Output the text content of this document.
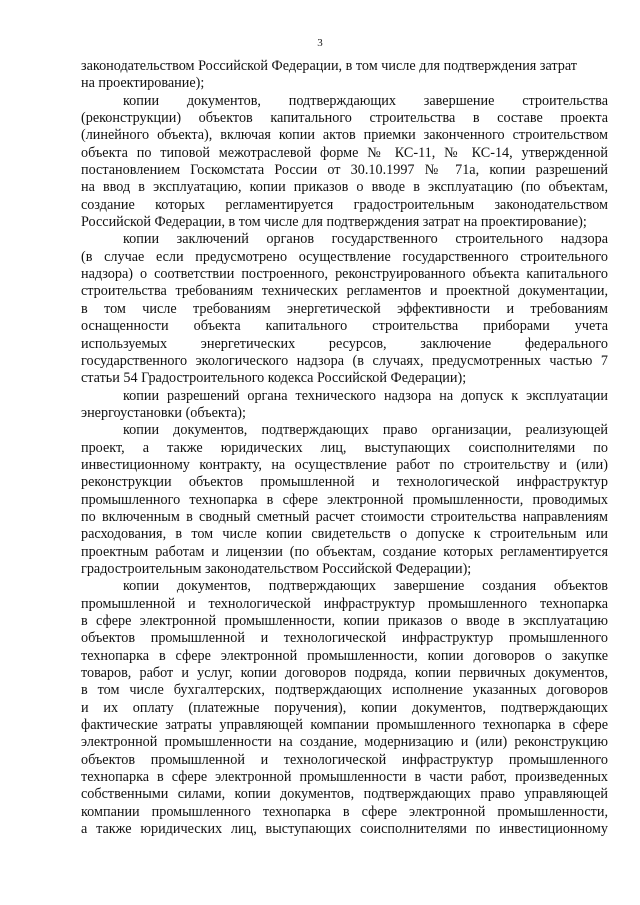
3
законодательством Российской Федерации, в том числе для подтверждения затрат
на проектирование);
копии документов, подтверждающих завершение строительства
(реконструкции) объектов капитального строительства в составе проекта
(линейного объекта), включая копии актов приемки законченного строительством
объекта по типовой межотраслевой форме № КС-11, № КС-14, утвержденной
постановлением Госкомстата России от 30.10.1997 № 71а, копии разрешений
на ввод в эксплуатацию, копии приказов о вводе в эксплуатацию (по объектам,
создание которых регламентируется градостроительным законодательством
Российской Федерации, в том числе для подтверждения затрат на проектирование);
копии заключений органов государственного строительного надзора
(в случае если предусмотрено осуществление государственного строительного
надзора) о соответствии построенного, реконструированного объекта капитального
строительства требованиям технических регламентов и проектной документации,
в том числе требованиям энергетической эффективности и требованиям
оснащенности объекта капитального строительства приборами учета
используемых энергетических ресурсов, заключение федерального
государственного экологического надзора (в случаях, предусмотренных частью 7
статьи 54 Градостроительного кодекса Российской Федерации);
копии разрешений органа технического надзора на допуск к эксплуатации
энергоустановки (объекта);
копии документов, подтверждающих право организации, реализующей
проект, а также юридических лиц, выступающих соисполнителями по
инвестиционному контракту, на осуществление работ по строительству и (или)
реконструкции объектов промышленной и технологической инфраструктур
промышленного технопарка в сфере электронной промышленности, проводимых
по включенным в сводный сметный расчет стоимости строительства направлениям
расходования, в том числе копии свидетельств о допуске к строительным или
проектным работам и лицензии (по объектам, создание которых регламентируется
градостроительным законодательством Российской Федерации);
копии документов, подтверждающих завершение создания объектов
промышленной и технологической инфраструктур промышленного технопарка
в сфере электронной промышленности, копии приказов о вводе в эксплуатацию
объектов промышленной и технологической инфраструктур промышленного
технопарка в сфере электронной промышленности, копии договоров о закупке
товаров, работ и услуг, копии договоров подряда, копии первичных документов,
в том числе бухгалтерских, подтверждающих исполнение указанных договоров
и их оплату (платежные поручения), копии документов, подтверждающих
фактические затраты управляющей компании промышленного технопарка в сфере
электронной промышленности на создание, модернизацию и (или) реконструкцию
объектов промышленной и технологической инфраструктур промышленного
технопарка в сфере электронной промышленности в части работ, произведенных
собственными силами, копии документов, подтверждающих право управляющей
компании промышленного технопарка в сфере электронной промышленности,
а также юридических лиц, выступающих соисполнителями по инвестиционному
